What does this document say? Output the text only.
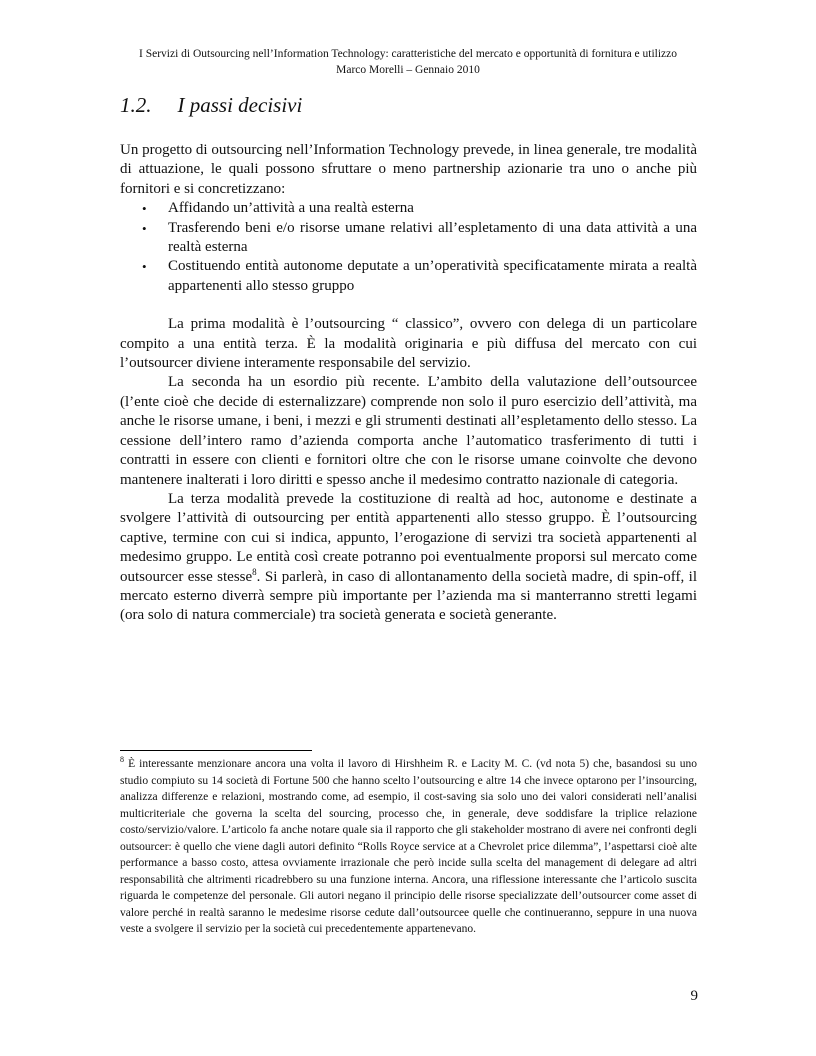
I Servizi di Outsourcing nell’Information Technology: caratteristiche del mercato e opportunità di fornitura e utilizzo
Marco Morelli – Gennaio 2010
1.2. I passi decisivi

Un progetto di outsourcing nell’Information Technology prevede, in linea generale, tre modalità di attuazione, le quali possono sfruttare o meno partnership azionarie tra uno o anche più fornitori e si concretizzano:

• Affidando un’attività a una realtà esterna
• Trasferendo beni e/o risorse umane relativi all’espletamento di una data attività a una realtà esterna
• Costituendo entità autonome deputate a un’operatività specificatamente mirata a realtà appartenenti allo stesso gruppo

La prima modalità è l’outsourcing “ classico”, ovvero con delega di un particolare compito a una entità terza. È la modalità originaria e più diffusa del mercato con cui l’outsourcer diviene interamente responsabile del servizio.

La seconda ha un esordio più recente. L’ambito della valutazione dell’outsourcee (l’ente cioè che decide di esternalizzare) comprende non solo il puro esercizio dell’attività, ma anche le risorse umane, i beni, i mezzi e gli strumenti destinati all’espletamento dello stesso. La cessione dell’intero ramo d’azienda comporta anche l’automatico trasferimento di tutti i contratti in essere con clienti e fornitori oltre che con le risorse umane coinvolte che devono mantenere inalterati i loro diritti e spesso anche il medesimo contratto nazionale di categoria.

La terza modalità prevede la costituzione di realtà ad hoc, autonome e destinate a svolgere l’attività di outsourcing per entità appartenenti allo stesso gruppo. È l’outsourcing captive, termine con cui si indica, appunto, l’erogazione di servizi tra società appartenenti al medesimo gruppo. Le entità così create potranno poi eventualmente proporsi sul mercato come outsourcer esse stesse$^8$. Si parlerà, in caso di allontanamento della società madre, di spin-off, il mercato esterno diverrà sempre più importante per l’azienda ma si manterranno stretti legami (ora solo di natura commerciale) tra società generata e società generante.

$^8$ È interessante menzionare ancora una volta il lavoro di Hirshheim R. e Lacity M. C. (vd nota 5) che, basandosi su uno studio compiuto su 14 società di Fortune 500 che hanno scelto l’outsourcing e altre 14 che invece optarono per l’insourcing, analizza differenze e relazioni, mostrando come, ad esempio, il cost-saving sia solo uno dei valori considerati nell’analisi multicriteriale che governa la scelta del sourcing, processo che, in generale, deve soddisfare la triplice relazione costo/servizio/valore. L’articolo fa anche notare quale sia il rapporto che gli stakeholder mostrano di avere nei confronti degli outsourcer: è quello che viene dagli autori definito “Rolls Royce service at a Chevrolet price dilemma”, l’aspettarsi cioè alte performance a basso costo, attesa ovviamente irrazionale che però incide sulla scelta del management di delegare ad altri responsabilità che altrimenti ricadrebbero su una funzione interna. Ancora, una riflessione interessante che l’articolo suscita riguarda le competenze del personale. Gli autori negano il principio delle risorse specializzate dell’outsourcer come asset di valore perché in realtà saranno le medesime risorse cedute dall’outsourcee quelle che continueranno, seppure in una nuova veste a svolgere il servizio per la società cui precedentemente appartenevano.
9
